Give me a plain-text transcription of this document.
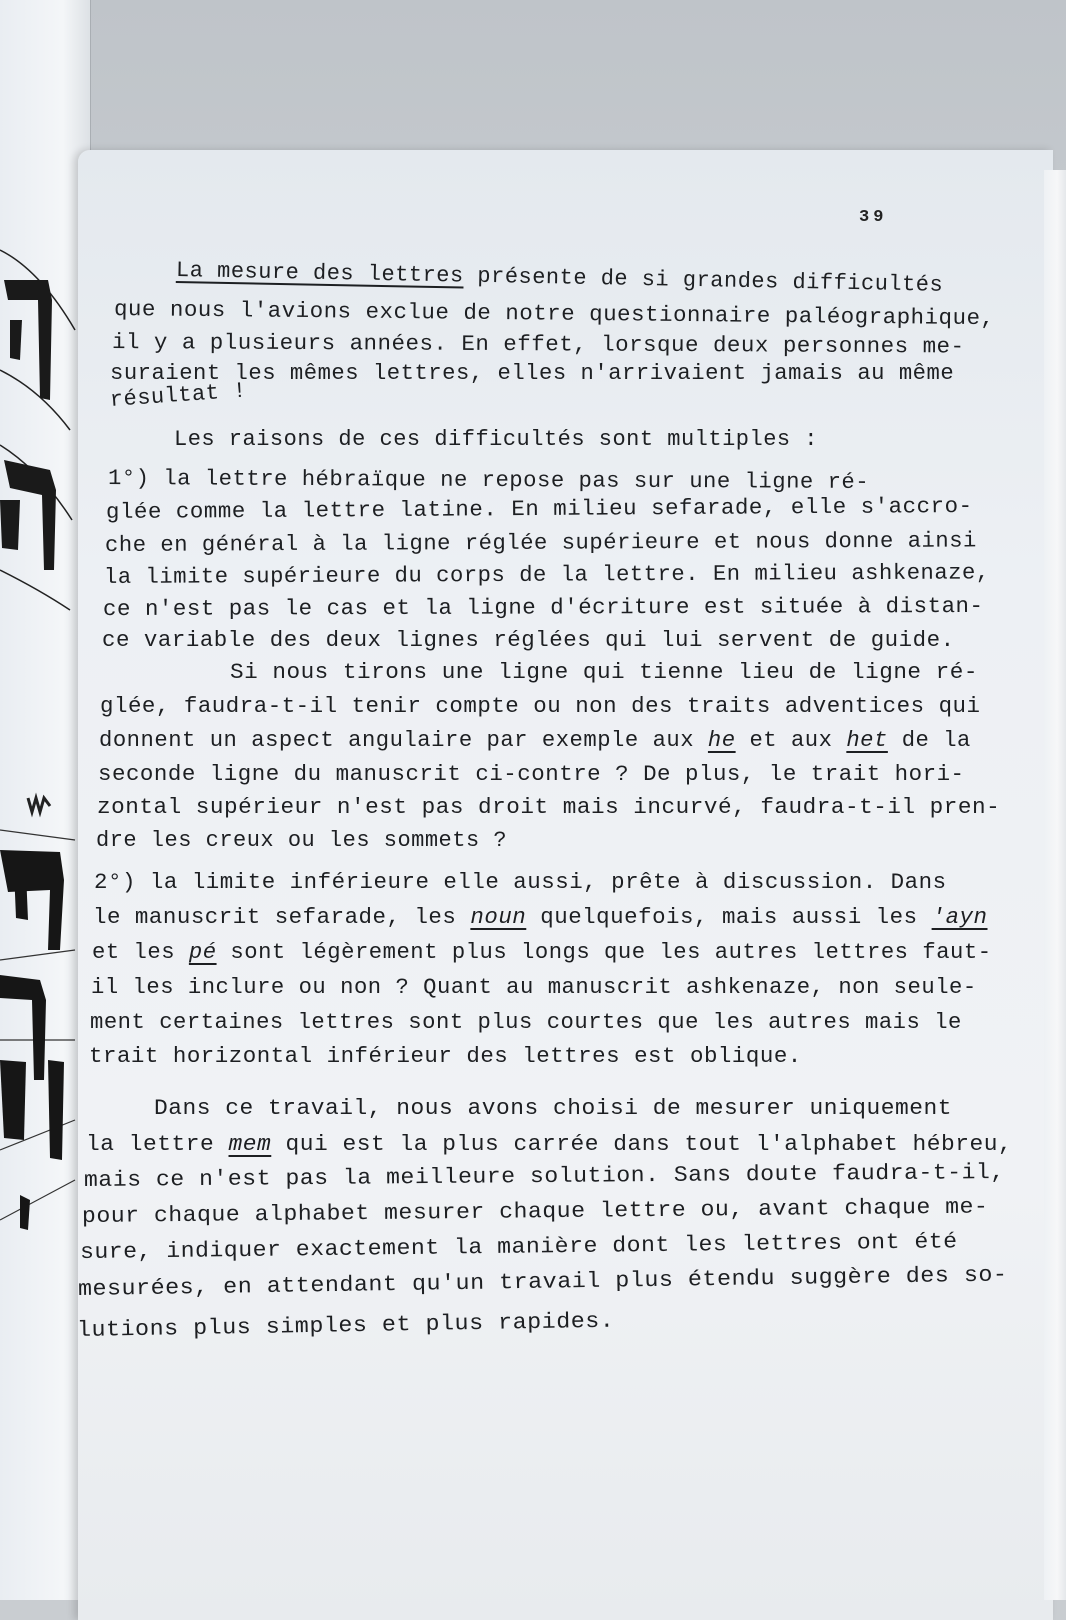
39

La mesure des lettres présente de si grandes difficultés

que nous l'avions exclue de notre questionnaire paléographique,

il y a plusieurs années. En effet, lorsque deux personnes me-

suraient les mêmes lettres, elles n'arrivaient jamais au même

résultat !

Les raisons de ces difficultés sont multiples :

1°) la lettre hébraïque ne repose pas sur une ligne ré-

glée comme la lettre latine. En milieu sefarade, elle s'accro-

che en général à la ligne réglée supérieure et nous donne ainsi

la limite supérieure du corps de la lettre. En milieu ashkenaze,

ce n'est pas le cas et la ligne d'écriture est située à distan-

ce variable des deux lignes réglées qui lui servent de guide.

Si nous tirons une ligne qui tienne lieu de ligne ré-

glée, faudra-t-il tenir compte ou non des traits adventices qui

donnent un aspect angulaire par exemple aux he et aux het de la

seconde ligne du manuscrit ci-contre ? De plus, le trait hori-

zontal supérieur n'est pas droit mais incurvé, faudra-t-il pren-

dre les creux ou les sommets ?

2°) la limite inférieure elle aussi, prête à discussion. Dans

le manuscrit sefarade, les noun quelquefois, mais aussi les 'ayn

et les pé sont légèrement plus longs que les autres lettres faut-

il les inclure ou non ? Quant au manuscrit ashkenaze, non seule-

ment certaines lettres sont plus courtes que les autres mais le

trait horizontal inférieur des lettres est oblique.

Dans ce travail, nous avons choisi de mesurer uniquement

la lettre mem qui est la plus carrée dans tout l'alphabet hébreu,

mais ce n'est pas la meilleure solution. Sans doute faudra-t-il,

pour chaque alphabet mesurer chaque lettre ou, avant chaque me-

sure, indiquer exactement la manière dont les lettres ont été

mesurées, en attendant qu'un travail plus étendu suggère des so-

lutions plus simples et plus rapides.
